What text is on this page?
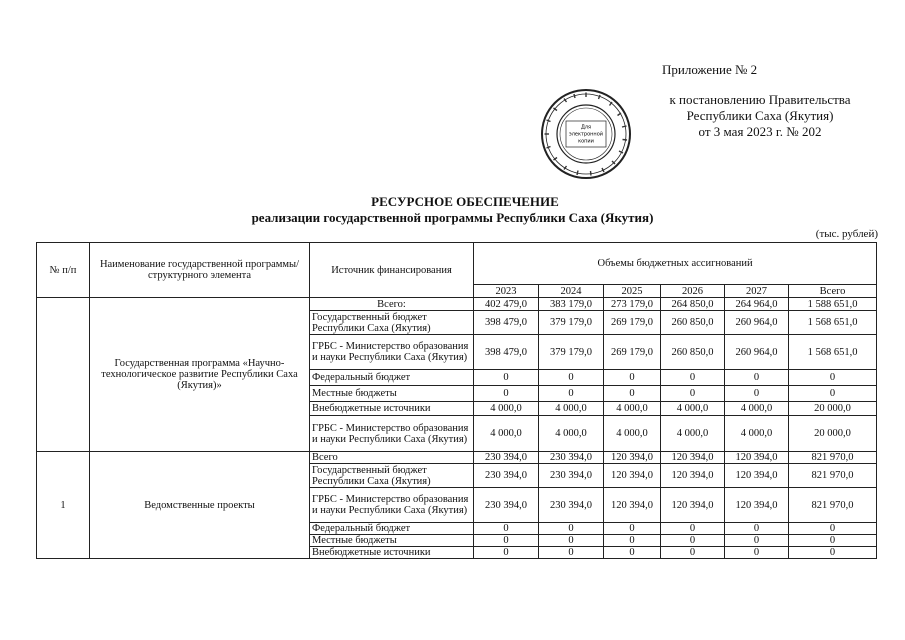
Приложение № 2
к постановлению Правительства
Республики Саха (Якутия)
от 3 мая 2023 г. № 202
Для
электронной
копии
РЕСУРСНОЕ ОБЕСПЕЧЕНИЕ
реализации государственной программы Республики Саха (Якутия)
(тыс. рублей)
№ п/п	Наименование государственной программы/структурного элемента	Источник финансирования	Объемы бюджетных ассигнований					
			2023	2024	2025	2026	2027	Всего
	Государственная программа «Научно-технологическое развитие Республики Саха (Якутия)»	Всего:	402 479,0	383 179,0	273 179,0	264 850,0	264 964,0	1 588 651,0
		Государственный бюджет Республики Саха (Якутия)	398 479,0	379 179,0	269 179,0	260 850,0	260 964,0	1 568 651,0
		ГРБС - Министерство образования и науки Республики Саха (Якутия)	398 479,0	379 179,0	269 179,0	260 850,0	260 964,0	1 568 651,0
		Федеральный бюджет	0	0	0	0	0	0
		Местные бюджеты	0	0	0	0	0	0
		Внебюджетные источники	4 000,0	4 000,0	4 000,0	4 000,0	4 000,0	20 000,0
		ГРБС - Министерство образования и науки Республики Саха (Якутия)	4 000,0	4 000,0	4 000,0	4 000,0	4 000,0	20 000,0
1	Ведомственные проекты	Всего	230 394,0	230 394,0	120 394,0	120 394,0	120 394,0	821 970,0
		Государственный бюджет Республики Саха (Якутия)	230 394,0	230 394,0	120 394,0	120 394,0	120 394,0	821 970,0
		ГРБС - Министерство образования и науки Республики Саха (Якутия)	230 394,0	230 394,0	120 394,0	120 394,0	120 394,0	821 970,0
		Федеральный бюджет	0	0	0	0	0	0
		Местные бюджеты	0	0	0	0	0	0
		Внебюджетные источники	0	0	0	0	0	0
